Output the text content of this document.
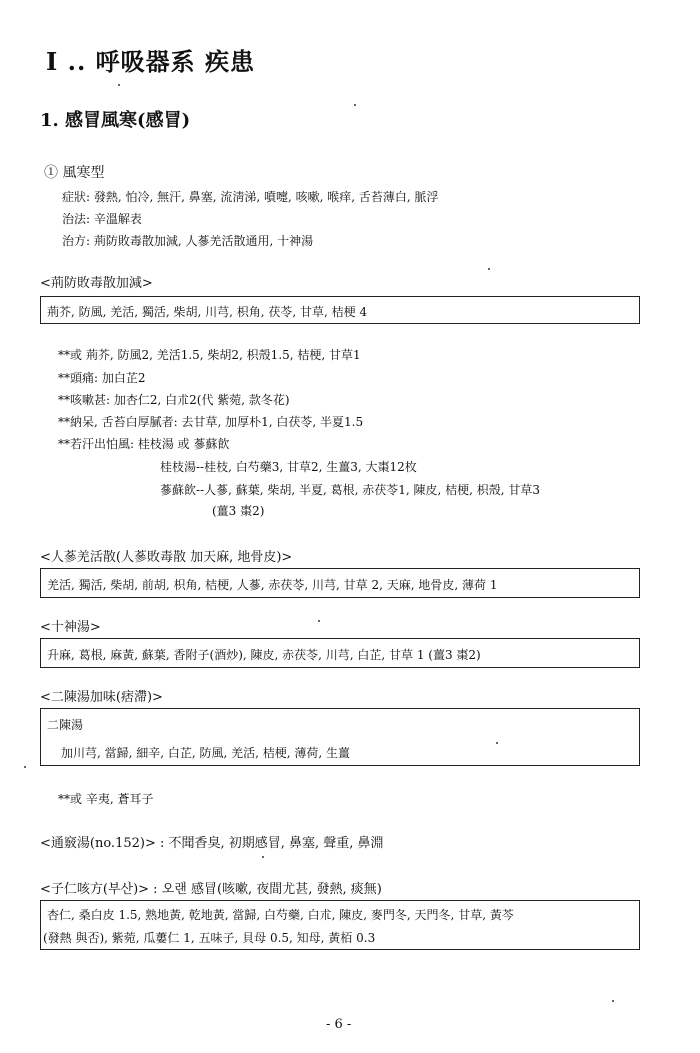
I .. 呼吸器系 疾患
1. 感冒風寒(感冒)
① 風寒型
症狀: 發熱, 怕冷, 無汗, 鼻塞, 流淸涕, 噴嚏, 咳嗽, 喉痒, 舌苔薄白, 脈浮
治法: 辛溫解表
治方: 荊防敗毒散加減, 人蔘羌活散通用, 十神湯
<荊防敗毒散加減>
荊芥, 防風, 羌活, 獨活, 柴胡, 川芎, 枳角, 茯苓, 甘草, 桔梗 4
**或 荊芥, 防風2, 羌活1.5, 柴胡2, 枳殼1.5, 桔梗, 甘草1
**頭痛: 加白芷2
**咳嗽甚: 加杏仁2, 白朮2(代 紫菀, 款冬花)
**納呆, 舌苔白厚膩者: 去甘草, 加厚朴1, 白茯苓, 半夏1.5
**若汗出怕風: 桂枝湯 或 蔘蘇飮
桂枝湯--桂枝, 白芍藥3, 甘草2, 生薑3, 大棗12枚
蔘蘇飮--人蔘, 蘇葉, 柴胡, 半夏, 葛根, 赤茯苓1, 陳皮, 桔梗, 枳殼, 甘草3
(薑3 棗2)
<人蔘羌活散(人蔘敗毒散 加天麻, 地骨皮)>
羌活, 獨活, 柴胡, 前胡, 枳角, 桔梗, 人蔘, 赤茯苓, 川芎, 甘草 2, 天麻, 地骨皮, 薄荷 1
<十神湯>
升麻, 葛根, 麻黃, 蘇葉, 香附子(酒炒), 陳皮, 赤茯苓, 川芎, 白芷, 甘草 1 (薑3 棗2)
<二陳湯加味(痞滯)>
二陳湯
加川芎, 當歸, 細辛, 白芷, 防風, 羌活, 桔梗, 薄荷, 生薑
**或 辛夷, 蒼耳子
<通竅湯(no.152)> : 不聞香臭, 初期感冒, 鼻塞, 聲重, 鼻淵
<子仁咳方(부산)> : 오랜 感冒(咳嗽, 夜間尤甚, 發熱, 痰無)
杏仁, 桑白皮 1.5, 熟地黃, 乾地黃, 當歸, 白芍藥, 白朮, 陳皮, 麥門冬, 天門冬, 甘草, 黃芩
(發熱 與否), 紫菀, 瓜蔞仁 1, 五味子, 貝母 0.5, 知母, 黃栢 0.3
- 6 -
